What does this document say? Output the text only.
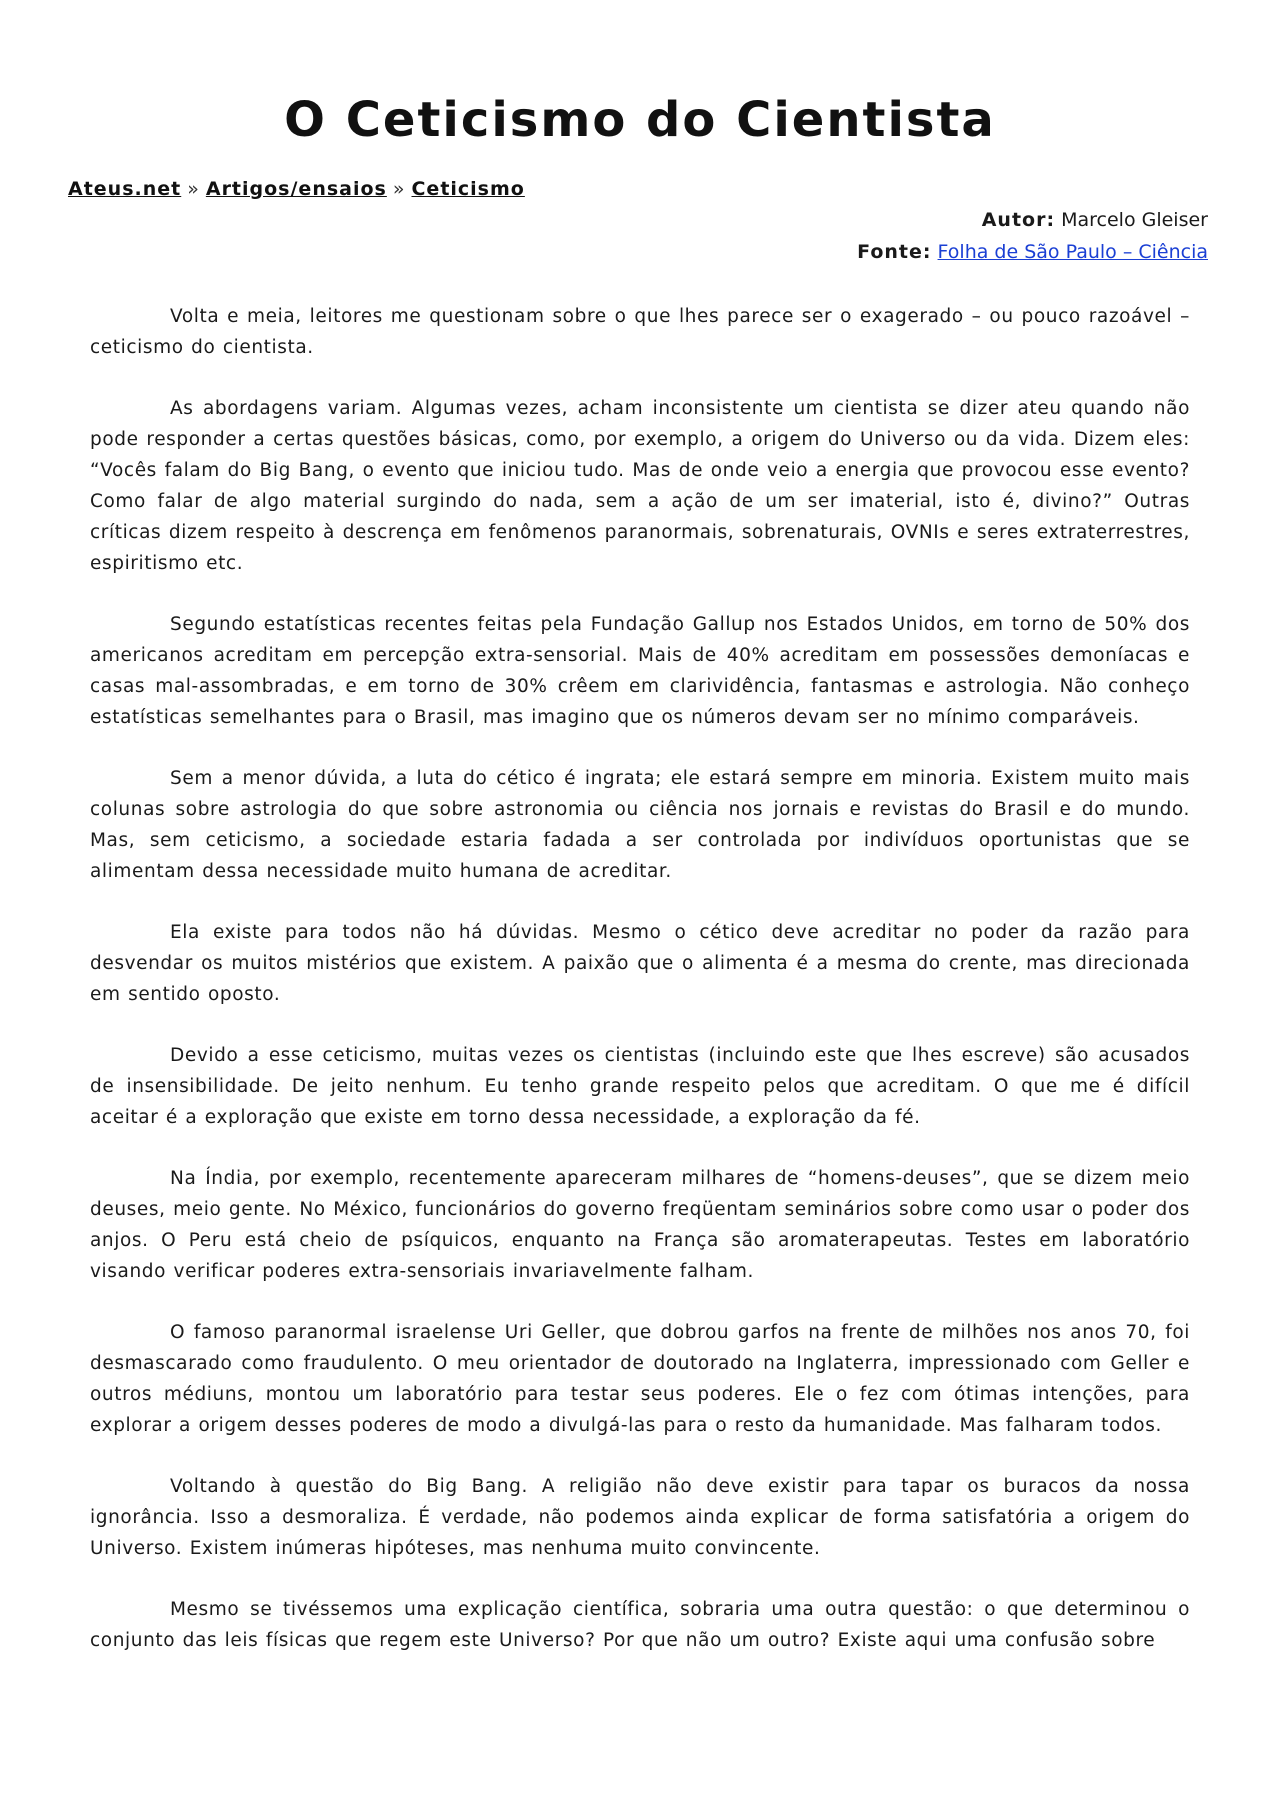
O Ceticismo do Cientista
Ateus.net » Artigos/ensaios » Ceticismo
Autor: Marcelo Gleiser
Fonte: Folha de São Paulo – Ciência

Volta e meia, leitores me questionam sobre o que lhes parece ser o exagerado – ou pouco razoável – ceticismo do cientista.

As abordagens variam. Algumas vezes, acham inconsistente um cientista se dizer ateu quando não pode responder a certas questões básicas, como, por exemplo, a origem do Universo ou da vida. Dizem eles: “Vocês falam do Big Bang, o evento que iniciou tudo. Mas de onde veio a energia que provocou esse evento? Como falar de algo material surgindo do nada, sem a ação de um ser imaterial, isto é, divino?” Outras críticas dizem respeito à descrença em fenômenos paranormais, sobrenaturais, OVNIs e seres extraterrestres, espiritismo etc.

Segundo estatísticas recentes feitas pela Fundação Gallup nos Estados Unidos, em torno de 50% dos americanos acreditam em percepção extra-sensorial. Mais de 40% acreditam em possessões demoníacas e casas mal-assombradas, e em torno de 30% crêem em clarividência, fantasmas e astrologia. Não conheço estatísticas semelhantes para o Brasil, mas imagino que os números devam ser no mínimo comparáveis.

Sem a menor dúvida, a luta do cético é ingrata; ele estará sempre em minoria. Existem muito mais colunas sobre astrologia do que sobre astronomia ou ciência nos jornais e revistas do Brasil e do mundo. Mas, sem ceticismo, a sociedade estaria fadada a ser controlada por indivíduos oportunistas que se alimentam dessa necessidade muito humana de acreditar.

Ela existe para todos não há dúvidas. Mesmo o cético deve acreditar no poder da razão para desvendar os muitos mistérios que existem. A paixão que o alimenta é a mesma do crente, mas direcionada em sentido oposto.

Devido a esse ceticismo, muitas vezes os cientistas (incluindo este que lhes escreve) são acusados de insensibilidade. De jeito nenhum. Eu tenho grande respeito pelos que acreditam. O que me é difícil aceitar é a exploração que existe em torno dessa necessidade, a exploração da fé.

Na Índia, por exemplo, recentemente apareceram milhares de “homens-deuses”, que se dizem meio deuses, meio gente. No México, funcionários do governo freqüentam seminários sobre como usar o poder dos anjos. O Peru está cheio de psíquicos, enquanto na França são aromaterapeutas. Testes em laboratório visando verificar poderes extra-sensoriais invariavelmente falham.

O famoso paranormal israelense Uri Geller, que dobrou garfos na frente de milhões nos anos 70, foi desmascarado como fraudulento. O meu orientador de doutorado na Inglaterra, impressionado com Geller e outros médiuns, montou um laboratório para testar seus poderes. Ele o fez com ótimas intenções, para explorar a origem desses poderes de modo a divulgá-las para o resto da humanidade. Mas falharam todos.

Voltando à questão do Big Bang. A religião não deve existir para tapar os buracos da nossa ignorância. Isso a desmoraliza. É verdade, não podemos ainda explicar de forma satisfatória a origem do Universo. Existem inúmeras hipóteses, mas nenhuma muito convincente.

Mesmo se tivéssemos uma explicação científica, sobraria uma outra questão: o que determinou o conjunto das leis físicas que regem este Universo? Por que não um outro? Existe aqui uma confusão sobre
